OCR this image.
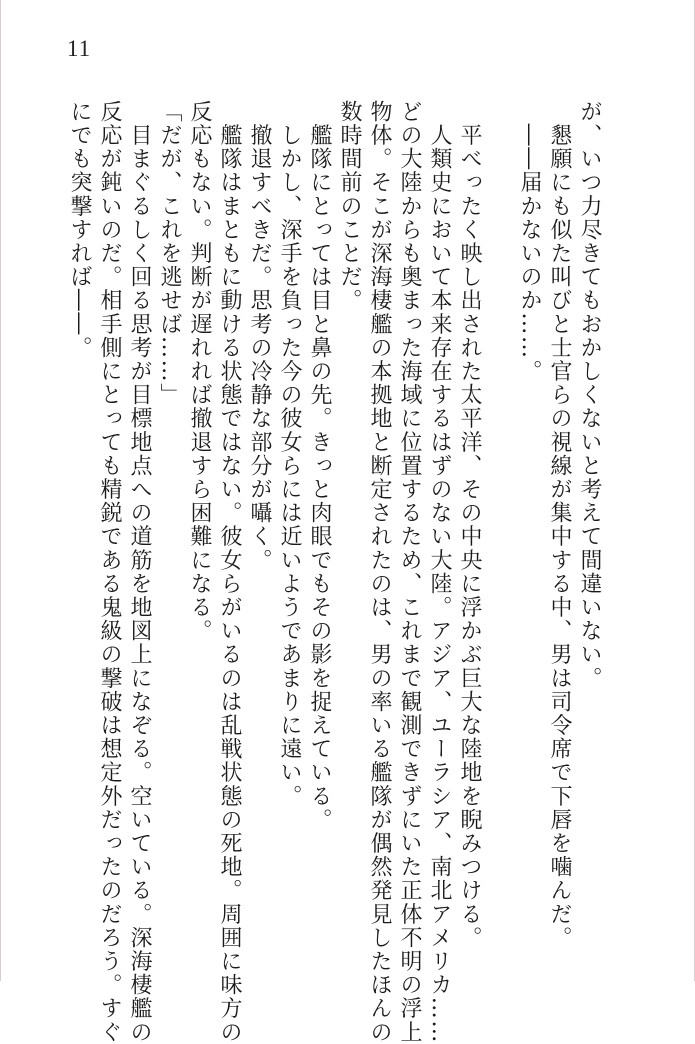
11

が、いつ力尽きてもおかしくないと考えて間違いない。

　懇願にも似た叫びと士官らの視線が集中する中、男は司令席で下唇を噛んだ。

　――届かないのか……。

　平べったく映し出された太平洋、その中央に浮かぶ巨大な陸地を睨みつける。

　人類史において本来存在するはずのない大陸。アジア、ユーラシア、南北アメリカ……

どの大陸からも奥まった海域に位置するため、これまで観測できずにいた正体不明の浮上

物体。そこが深海棲艦の本拠地と断定されたのは、男の率いる艦隊が偶然発見したほんの

数時間前のことだ。

　艦隊にとっては目と鼻の先。きっと肉眼でもその影を捉えている。

　しかし、深手を負った今の彼女らには近いようであまりに遠い。

　撤退すべきだ。思考の冷静な部分が囁く。

　艦隊はまともに動ける状態ではない。彼女らがいるのは乱戦状態の死地。周囲に味方の

反応もない。判断が遅れれば撤退すら困難になる。

「だが、これを逃せば……」

　目まぐるしく回る思考が目標地点への道筋を地図上になぞる。空いている。深海棲艦の

反応が鈍いのだ。相手側にとっても精鋭である鬼級の撃破は想定外だったのだろう。すぐ

にでも突撃すれば――。
